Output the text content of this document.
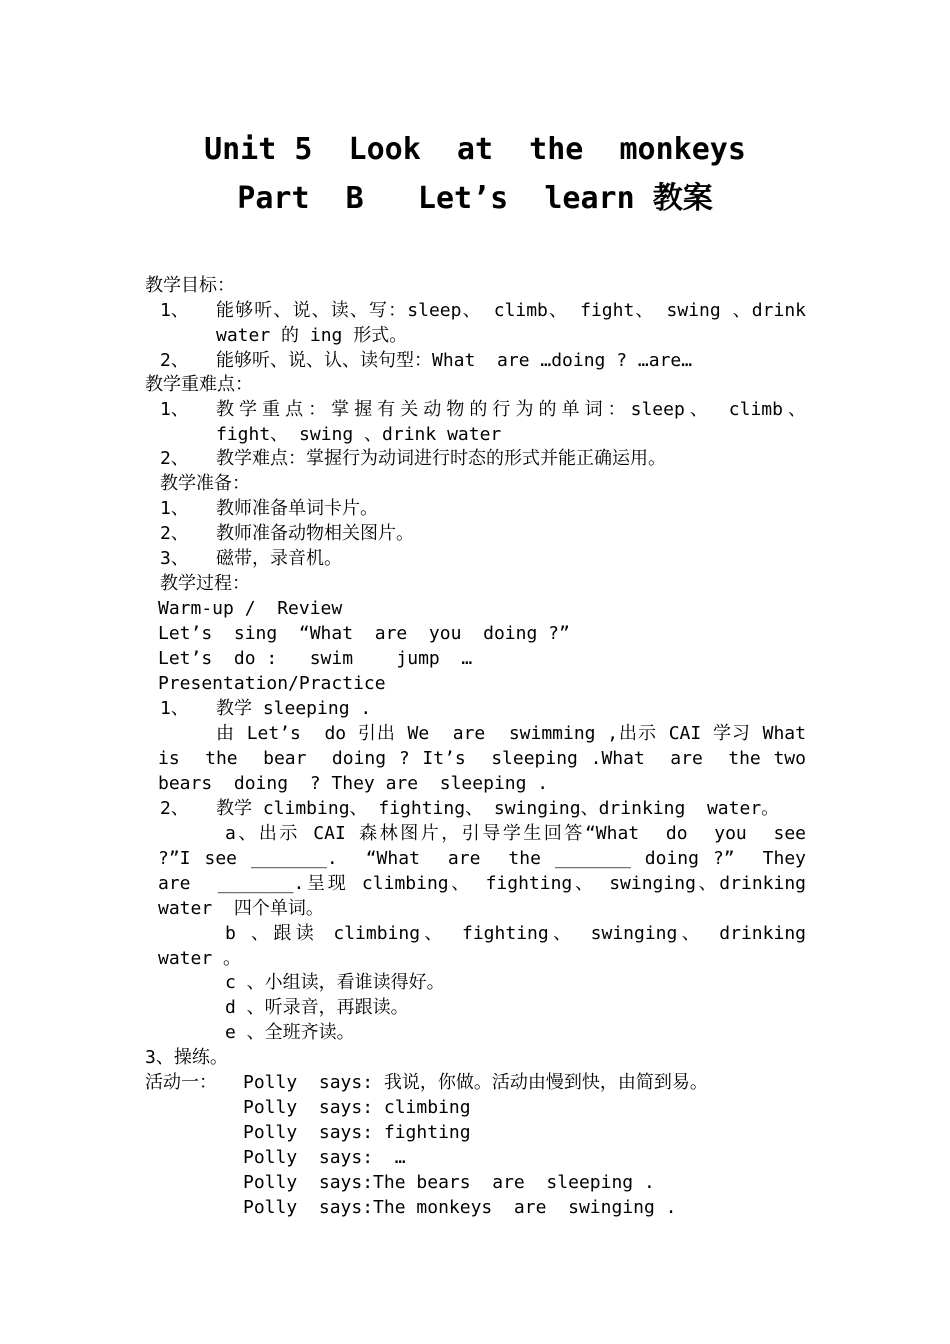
Unit 5  Look  at  the  monkeys
Part  B   Let’s  learn 教案
教学目标：
1、 能够听、说、读、写：sleep、 climb、 fight、 swing 、drink
water 的 ing 形式。
2、 能够听、说、认、读句型：What  are …doing ? …are…
教学重难点：
1、 教学重点：掌握有关动物的行为的单词：sleep、 climb、
fight、 swing 、drink water
2、 教学难点：掌握行为动词进行时态的形式并能正确运用。
教学准备：
1、 教师准备单词卡片。
2、 教师准备动物相关图片。
3、 磁带，录音机。
教学过程：
Warm-up /  Review
Let’s  sing  “What  are  you  doing ?”
Let’s  do :   swim    jump  …
Presentation/Practice
1、 教学 sleeping .
由 Let’s  do 引出 We  are  swimming ,出示 CAI 学习 What
is  the  bear  doing ? It’s  sleeping .What  are  the two
bears  doing  ? They are  sleeping .
2、 教学 climbing、 fighting、 swinging、drinking  water。
a、出示 CAI 森林图片，引导学生回答“What  do  you  see
?”I see _______.  “What  are  the _______ doing ?”  They
are  _______.呈现 climbing、 fighting、 swinging、drinking
water  四个单词。
b 、跟读 climbing、 fighting、 swinging、 drinking
water 。
c 、小组读，看谁读得好。
d 、听录音，再跟读。
e 、全班齐读。
3、操练。
活动一： Polly  says: 我说，你做。活动由慢到快，由简到易。
Polly  says: climbing
Polly  says: fighting
Polly  says:  …
Polly  says:The bears  are  sleeping .
Polly  says:The monkeys  are  swinging .
